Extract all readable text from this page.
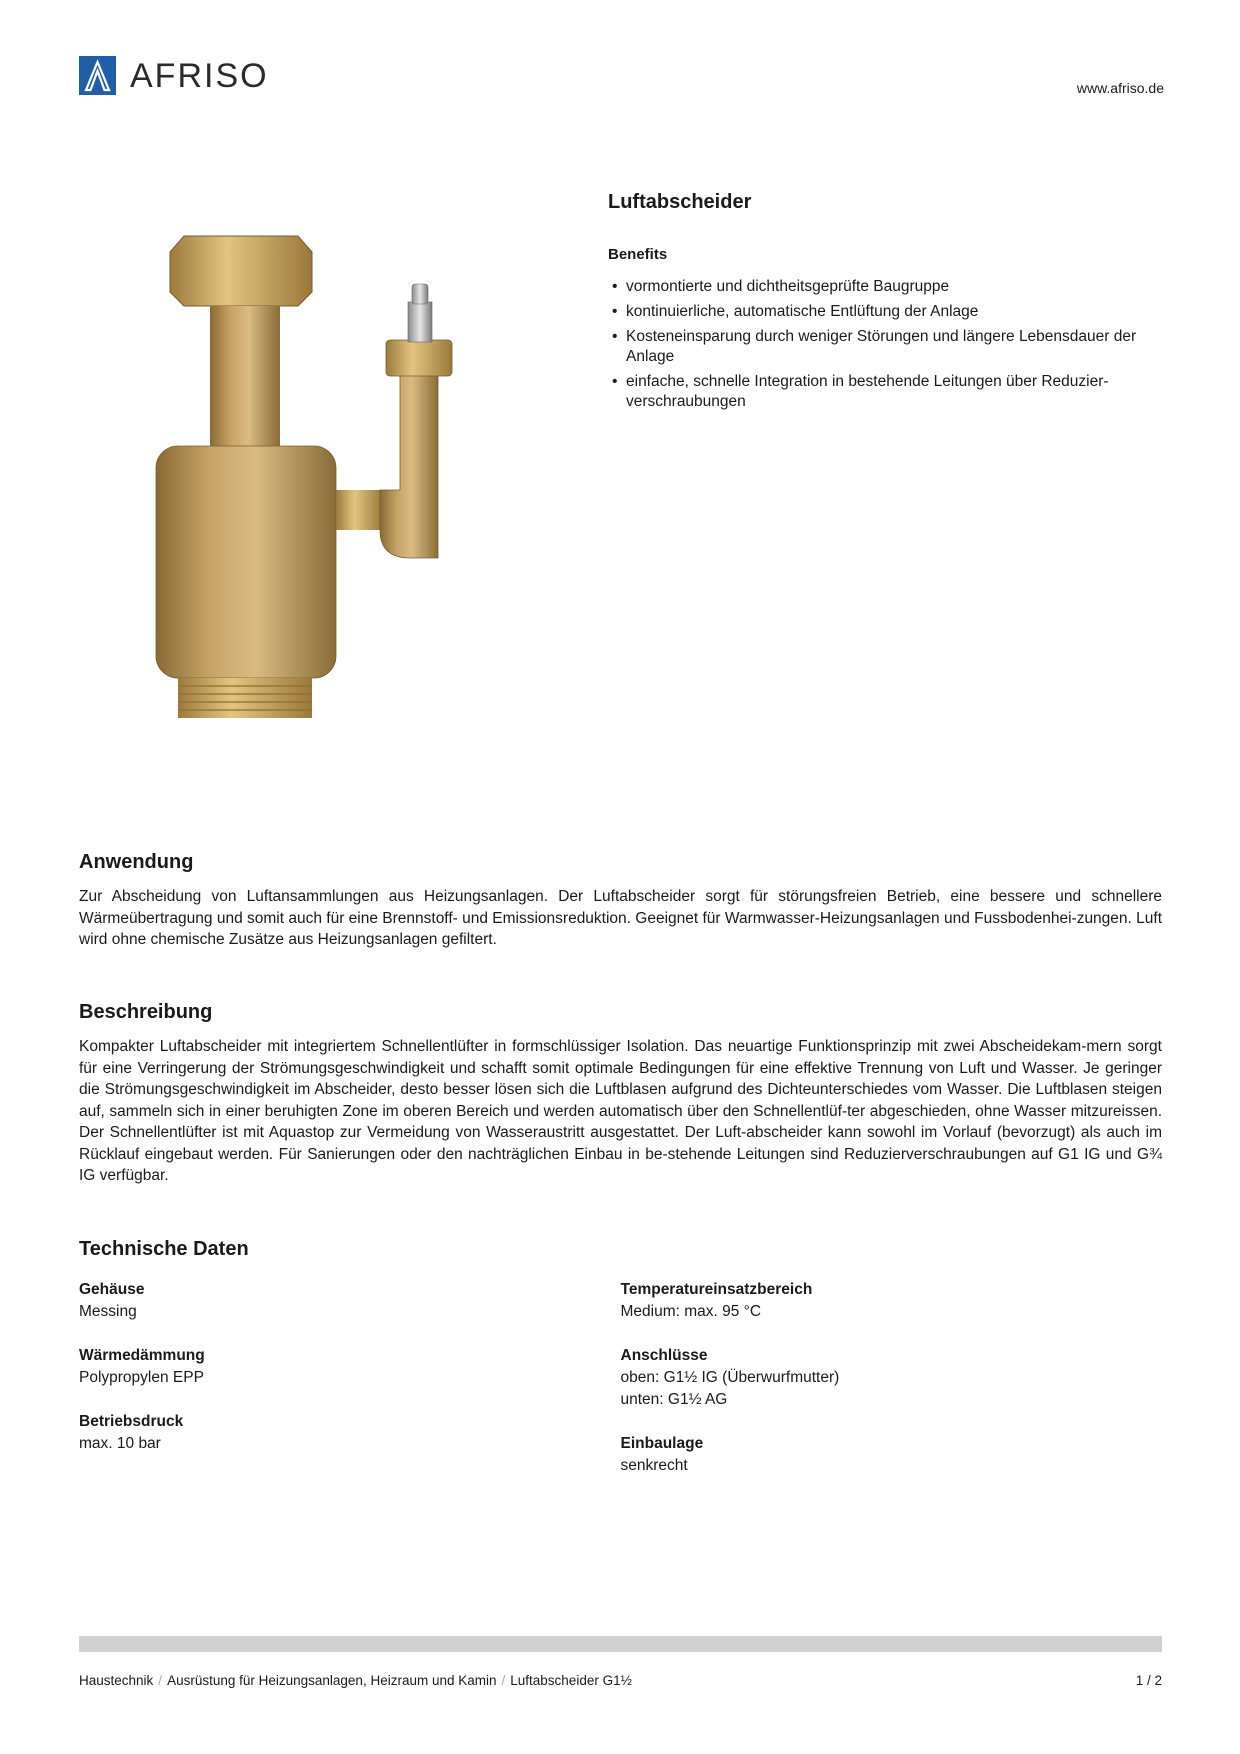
AFRISO	www.afriso.de
Luftabscheider
Benefits
• vormontierte und dichtheitsgeprüfte Baugruppe
• kontinuierliche, automatische Entlüftung der Anlage
• Kosteneinsparung durch weniger Störungen und längere Lebensdauer der Anlage
• einfache, schnelle Integration in bestehende Leitungen über Reduzier-verschraubungen
Anwendung

Zur Abscheidung von Luftansammlungen aus Heizungsanlagen. Der Luftabscheider sorgt für störungsfreien Betrieb, eine bessere und schnellere Wärmeübertragung und somit auch für eine Brennstoff- und Emissionsreduktion. Geeignet für Warmwasser-Heizungsanlagen und Fussbodenhei-zungen. Luft wird ohne chemische Zusätze aus Heizungsanlagen gefiltert.

Beschreibung

Kompakter Luftabscheider mit integriertem Schnellentlüfter in formschlüssiger Isolation. Das neuartige Funktionsprinzip mit zwei Abscheidekam-mern sorgt für eine Verringerung der Strömungsgeschwindigkeit und schafft somit optimale Bedingungen für eine effektive Trennung von Luft und Wasser. Je geringer die Strömungsgeschwindigkeit im Abscheider, desto besser lösen sich die Luftblasen aufgrund des Dichteunterschiedes vom Wasser. Die Luftblasen steigen auf, sammeln sich in einer beruhigten Zone im oberen Bereich und werden automatisch über den Schnellentlüf-ter abgeschieden, ohne Wasser mitzureissen. Der Schnellentlüfter ist mit Aquastop zur Vermeidung von Wasseraustritt ausgestattet. Der Luft-abscheider kann sowohl im Vorlauf (bevorzugt) als auch im Rücklauf eingebaut werden. Für Sanierungen oder den nachträglichen Einbau in be-stehende Leitungen sind Reduzierverschraubungen auf G1 IG und G¾ IG verfügbar.

Technische Daten
Gehäuse
Messing
Wärmedämmung
Polypropylen EPP
Betriebsdruck
max. 10 bar
Temperatureinsatzbereich
Medium: max. 95 °C
Anschlüsse
oben: G1½ IG (Überwurfmutter)
unten: G1½ AG
Einbaulage
senkrecht
Haustechnik / Ausrüstung für Heizungsanlagen, Heizraum und Kamin / Luftabscheider G1½	1 / 2
